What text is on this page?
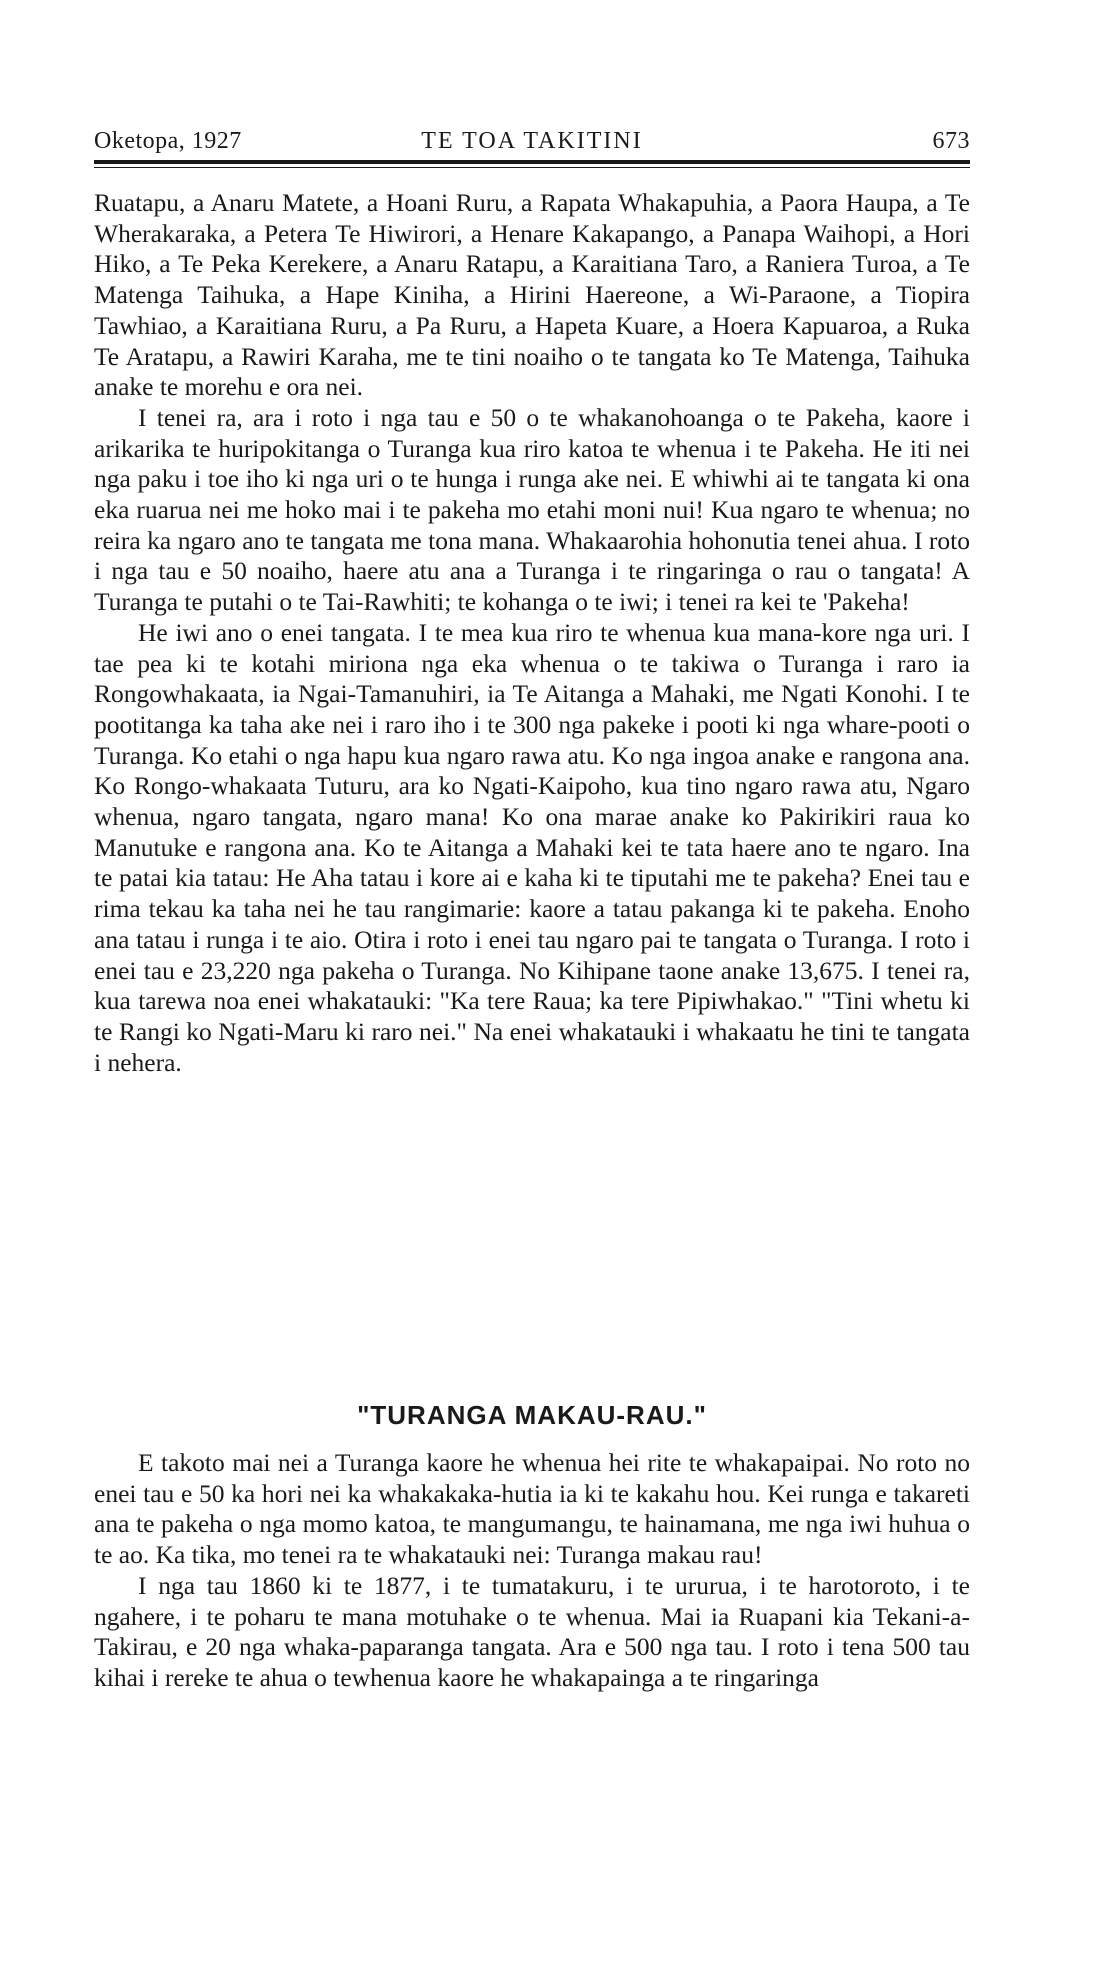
Oketopa, 1927	TE TOA TAKITINI	673

Ruatapu, a Anaru Matete, a Hoani Ruru, a Rapata Whakapuhia, a Paora Haupa, a Te Wherakaraka, a Petera Te Hiwirori, a Henare Kakapango, a Panapa Waihopi, a Hori Hiko, a Te Peka Kerekere, a Anaru Ratapu, a Karaitiana Taro, a Raniera Turoa, a Te Matenga Taihuka, a Hape Kiniha, a Hirini Haereone, a Wi-Paraone, a Tiopira Tawhiao, a Karaitiana Ruru, a Pa Ruru, a Hapeta Kuare, a Hoera Kapuaroa, a Ruka Te Aratapu, a Rawiri Karaha, me te tini noaiho o te tangata ko Te Matenga, Taihuka anake te morehu e ora nei.

I tenei ra, ara i roto i nga tau e 50 o te whakanohoanga o te Pakeha, kaore i arikarika te huripokitanga o Turanga kua riro katoa te whenua i te Pakeha. He iti nei nga paku i toe iho ki nga uri o te hunga i runga ake nei. E whiwhi ai te tangata ki ona eka ruarua nei me hoko mai i te pakeha mo etahi moni nui! Kua ngaro te whenua; no reira ka ngaro ano te tangata me tona mana. Whakaarohia hohonutia tenei ahua. I roto i nga tau e 50 noaiho, haere atu ana a Turanga i te ringaringa o rau o tangata! A Turanga te putahi o te Tai-Rawhiti; te kohanga o te iwi; i tenei ra kei te 'Pakeha!

He iwi ano o enei tangata. I te mea kua riro te whenua kua mana-kore nga uri. I tae pea ki te kotahi miriona nga eka whenua o te takiwa o Turanga i raro ia Rongowhakaata, ia Ngai-Tamanuhiri, ia Te Aitanga a Mahaki, me Ngati Konohi. I te pootitanga ka taha ake nei i raro iho i te 300 nga pakeke i pooti ki nga whare-pooti o Turanga. Ko etahi o nga hapu kua ngaro rawa atu. Ko nga ingoa anake e rangona ana. Ko Rongo-whakaata Tuturu, ara ko Ngati-Kaipoho, kua tino ngaro rawa atu, Ngaro whenua, ngaro tangata, ngaro mana! Ko ona marae anake ko Pakirikiri raua ko Manutuke e rangona ana. Ko te Aitanga a Mahaki kei te tata haere ano te ngaro. Ina te patai kia tatau: He Aha tatau i kore ai e kaha ki te tiputahi me te pakeha? Enei tau e rima tekau ka taha nei he tau rangimarie: kaore a tatau pakanga ki te pakeha. Enoho ana tatau i runga i te aio. Otira i roto i enei tau ngaro pai te tangata o Turanga. I roto i enei tau e 23,220 nga pakeha o Turanga. No Kihipane taone anake 13,675. I tenei ra, kua tarewa noa enei whakatauki: "Ka tere Raua; ka tere Pipiwhakao." "Tini whetu ki te Rangi ko Ngati-Maru ki raro nei." Na enei whakatauki i whakaatu he tini te tangata i nehera.

"TURANGA MAKAU-RAU."

E takoto mai nei a Turanga kaore he whenua hei rite te whakapaipai. No roto no enei tau e 50 ka hori nei ka whakakaka-hutia ia ki te kakahu hou. Kei runga e takareti ana te pakeha o nga momo katoa, te mangumangu, te hainamana, me nga iwi huhua o te ao. Ka tika, mo tenei ra te whakatauki nei: Turanga makau rau!

I nga tau 1860 ki te 1877, i te tumatakuru, i te ururua, i te harotoroto, i te ngahere, i te poharu te mana motuhake o te whenua. Mai ia Ruapani kia Tekani-a-Takirau, e 20 nga whaka-paparanga tangata. Ara e 500 nga tau. I roto i tena 500 tau kihai i rereke te ahua o tewhenua kaore he whakapainga a te ringaringa
